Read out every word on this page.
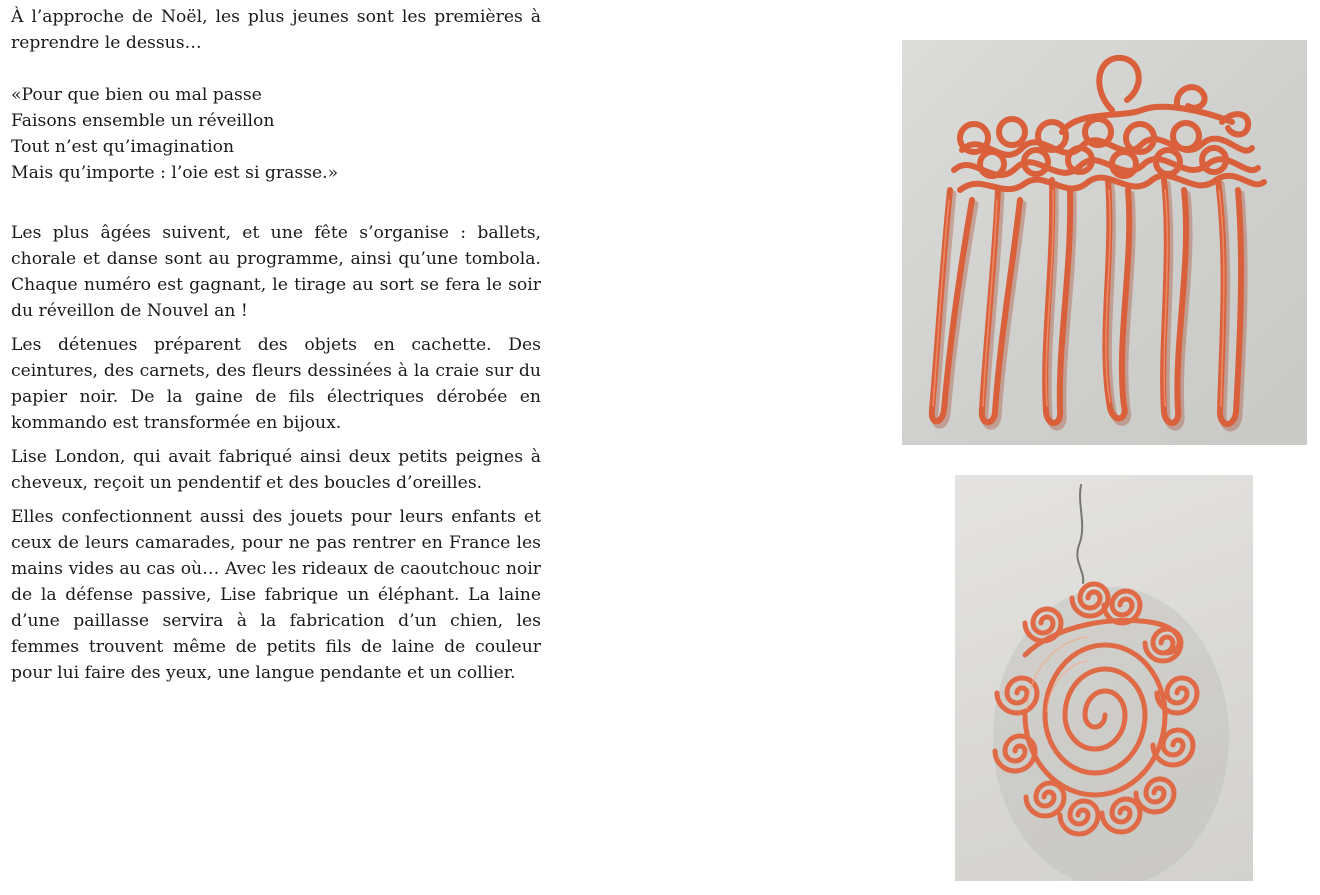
À l’approche de Noël, les plus jeunes sont les premières à reprendre le dessus…

«Pour que bien ou mal passe
Faisons ensemble un réveillon
Tout n’est qu’imagination
Mais qu’importe : l’oie est si grasse.»

Les plus âgées suivent, et une fête s’organise : ballets, chorale et danse sont au programme, ainsi qu’une tombola. Chaque numéro est gagnant, le tirage au sort se fera le soir du réveillon de Nouvel an !

Les détenues préparent des objets en cachette. Des ceintures, des carnets, des fleurs dessinées à la craie sur du papier noir. De la gaine de fils électriques dérobée en kommando est transformée en bijoux.

Lise London, qui avait fabriqué ainsi deux petits peignes à cheveux, reçoit un pendentif et des boucles d’oreilles.

Elles confectionnent aussi des jouets pour leurs enfants et ceux de leurs camarades, pour ne pas rentrer en France les mains vides au cas où… Avec les rideaux de caoutchouc noir de la défense passive, Lise fabrique un éléphant. La laine d’une paillasse servira à la fabrication d’un chien, les femmes trouvent même de petits fils de laine de couleur pour lui faire des yeux, une langue pendante et un collier.
